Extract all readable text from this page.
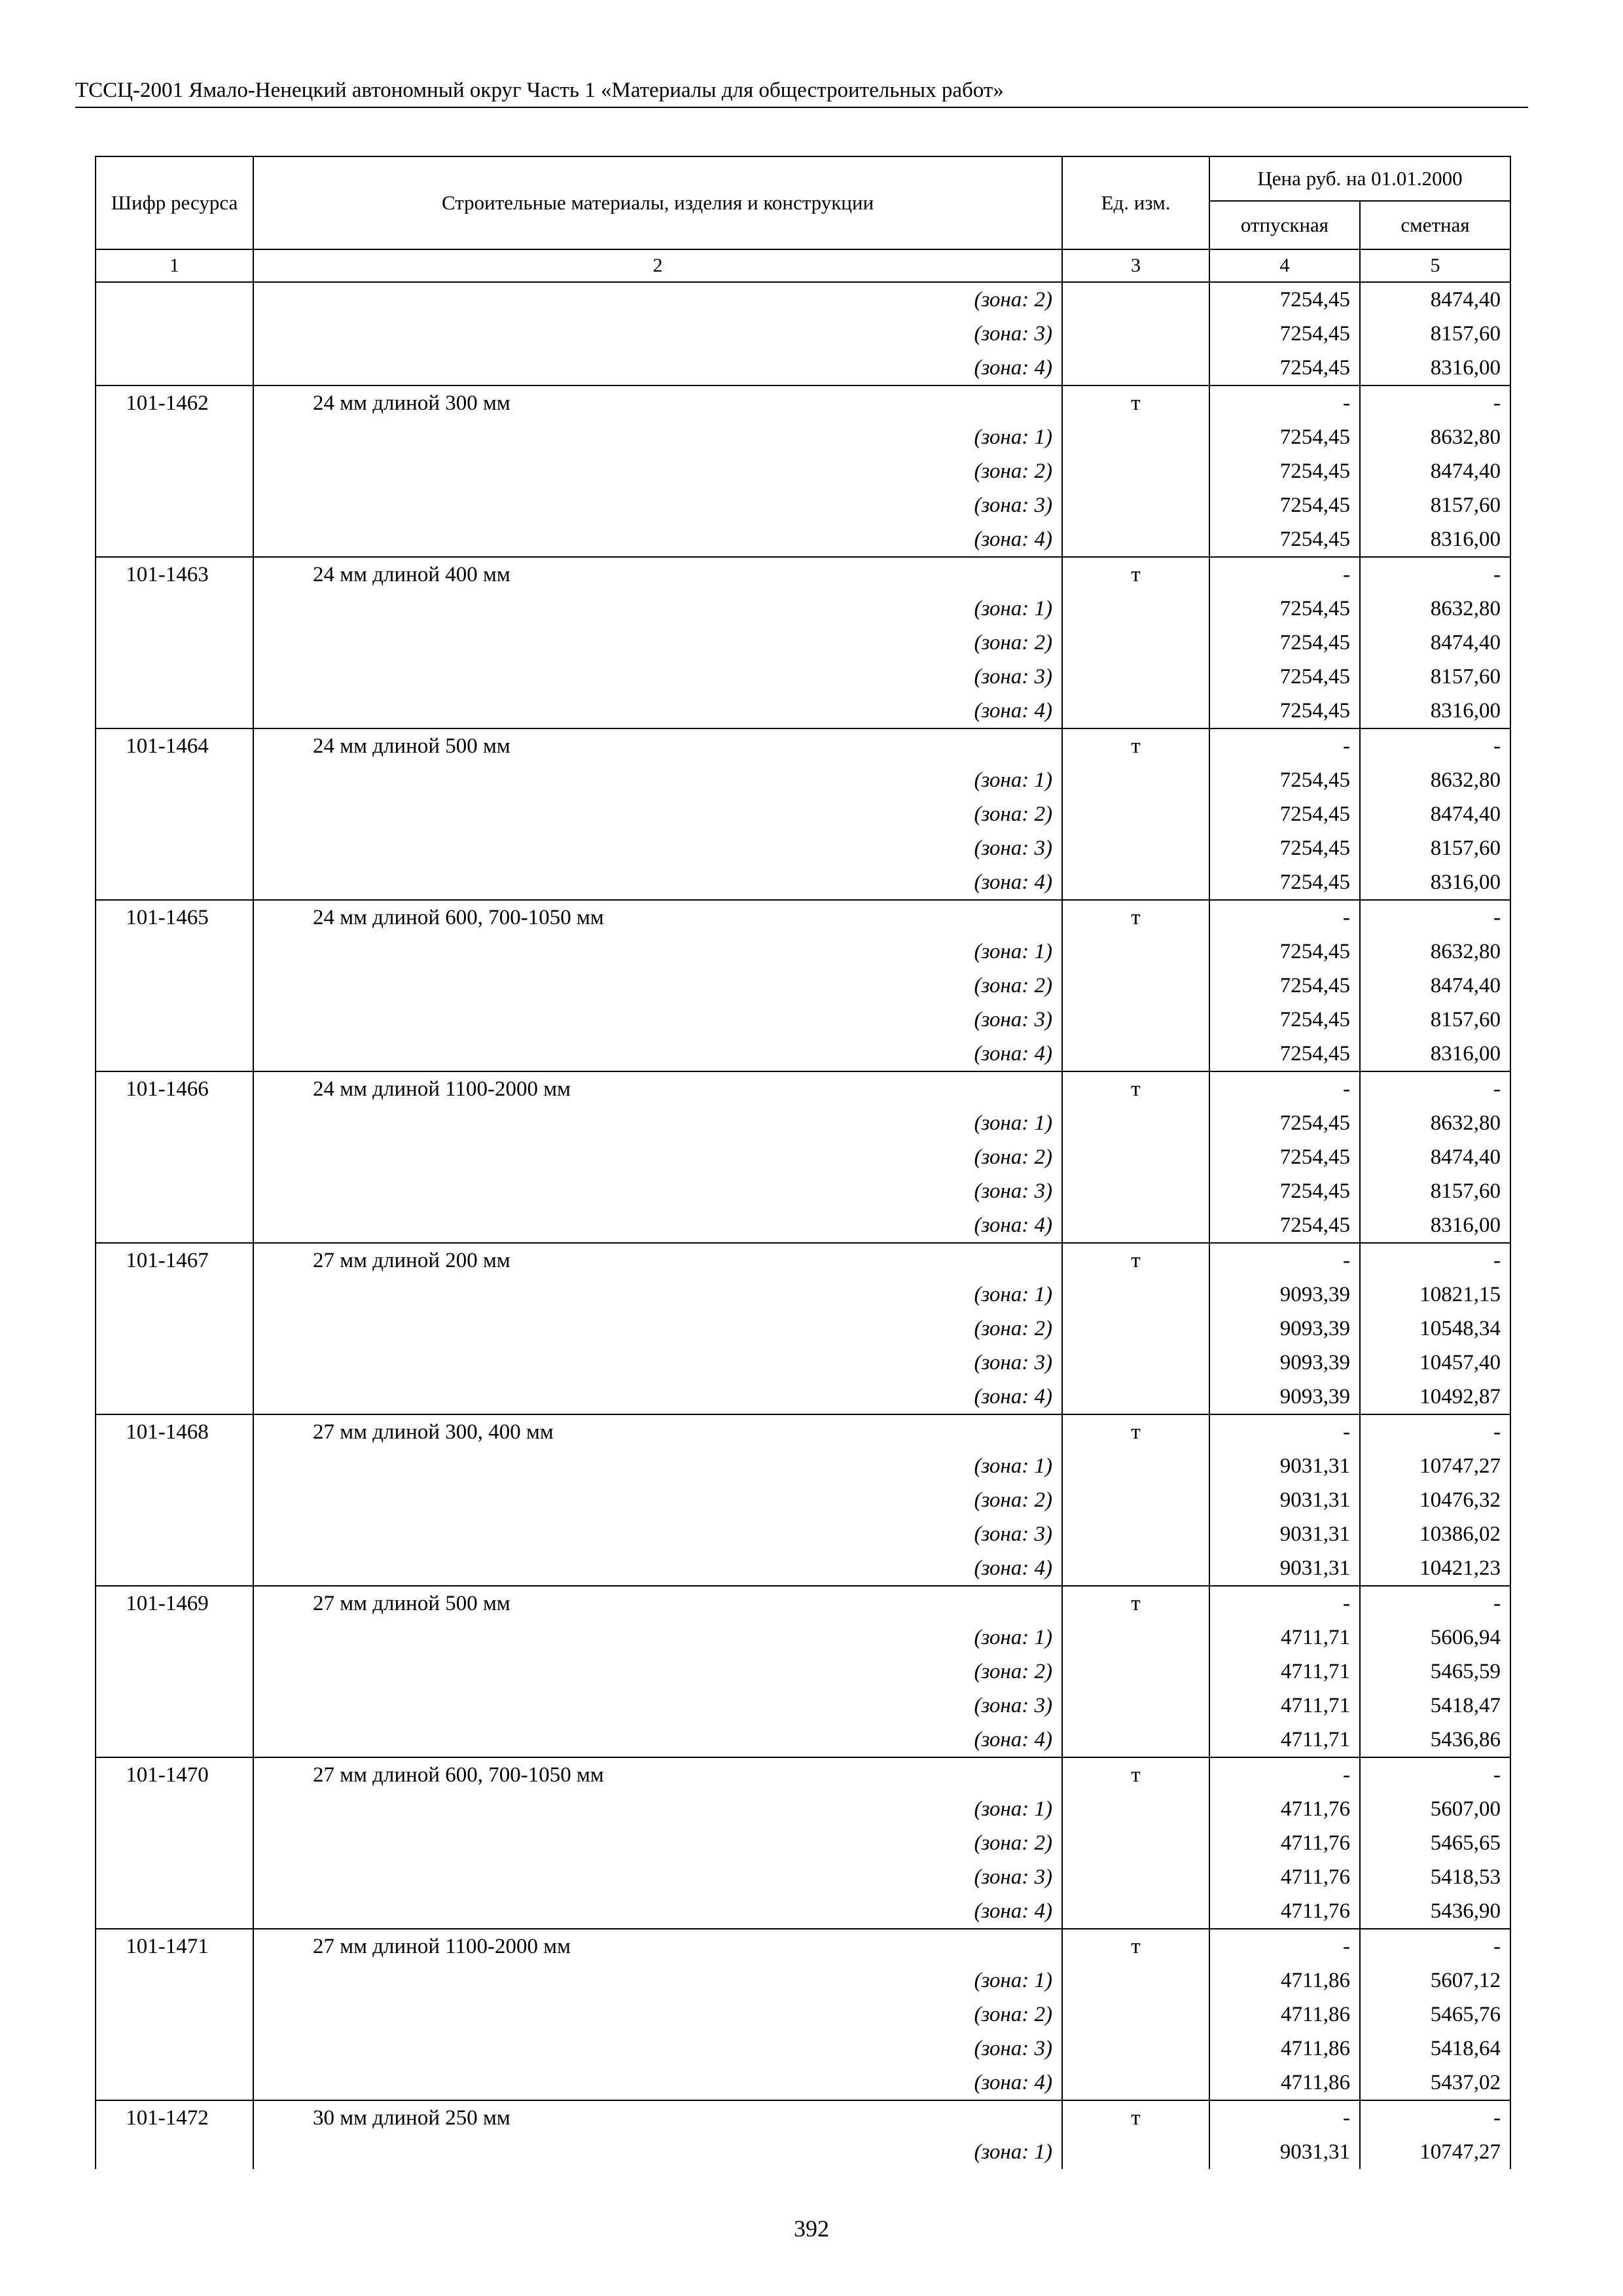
ТССЦ-2001 Ямало-Ненецкий автономный округ Часть 1 «Материалы для общестроительных работ»
Шифр ресурса	Строительные материалы, изделия и конструкции	Ед. изм.	Цена руб. на 01.01.2000	
			отпускная	сметная
1	2	3	4	5
	(зона: 2)		7254,45	8474,40
	(зона: 3)		7254,45	8157,60
	(зона: 4)		7254,45	8316,00
101-1462	24 мм длиной 300 мм	т	-	-
	(зона: 1)		7254,45	8632,80
	(зона: 2)		7254,45	8474,40
	(зона: 3)		7254,45	8157,60
	(зона: 4)		7254,45	8316,00
101-1463	24 мм длиной 400 мм	т	-	-
	(зона: 1)		7254,45	8632,80
	(зона: 2)		7254,45	8474,40
	(зона: 3)		7254,45	8157,60
	(зона: 4)		7254,45	8316,00
101-1464	24 мм длиной 500 мм	т	-	-
	(зона: 1)		7254,45	8632,80
	(зона: 2)		7254,45	8474,40
	(зона: 3)		7254,45	8157,60
	(зона: 4)		7254,45	8316,00
101-1465	24 мм длиной 600, 700-1050 мм	т	-	-
	(зона: 1)		7254,45	8632,80
	(зона: 2)		7254,45	8474,40
	(зона: 3)		7254,45	8157,60
	(зона: 4)		7254,45	8316,00
101-1466	24 мм длиной 1100-2000 мм	т	-	-
	(зона: 1)		7254,45	8632,80
	(зона: 2)		7254,45	8474,40
	(зона: 3)		7254,45	8157,60
	(зона: 4)		7254,45	8316,00
101-1467	27 мм длиной 200 мм	т	-	-
	(зона: 1)		9093,39	10821,15
	(зона: 2)		9093,39	10548,34
	(зона: 3)		9093,39	10457,40
	(зона: 4)		9093,39	10492,87
101-1468	27 мм длиной 300, 400 мм	т	-	-
	(зона: 1)		9031,31	10747,27
	(зона: 2)		9031,31	10476,32
	(зона: 3)		9031,31	10386,02
	(зона: 4)		9031,31	10421,23
101-1469	27 мм длиной 500 мм	т	-	-
	(зона: 1)		4711,71	5606,94
	(зона: 2)		4711,71	5465,59
	(зона: 3)		4711,71	5418,47
	(зона: 4)		4711,71	5436,86
101-1470	27 мм длиной 600, 700-1050 мм	т	-	-
	(зона: 1)		4711,76	5607,00
	(зона: 2)		4711,76	5465,65
	(зона: 3)		4711,76	5418,53
	(зона: 4)		4711,76	5436,90
101-1471	27 мм длиной 1100-2000 мм	т	-	-
	(зона: 1)		4711,86	5607,12
	(зона: 2)		4711,86	5465,76
	(зона: 3)		4711,86	5418,64
	(зона: 4)		4711,86	5437,02
101-1472	30 мм длиной 250 мм	т	-	-
	(зона: 1)		9031,31	10747,27
392
